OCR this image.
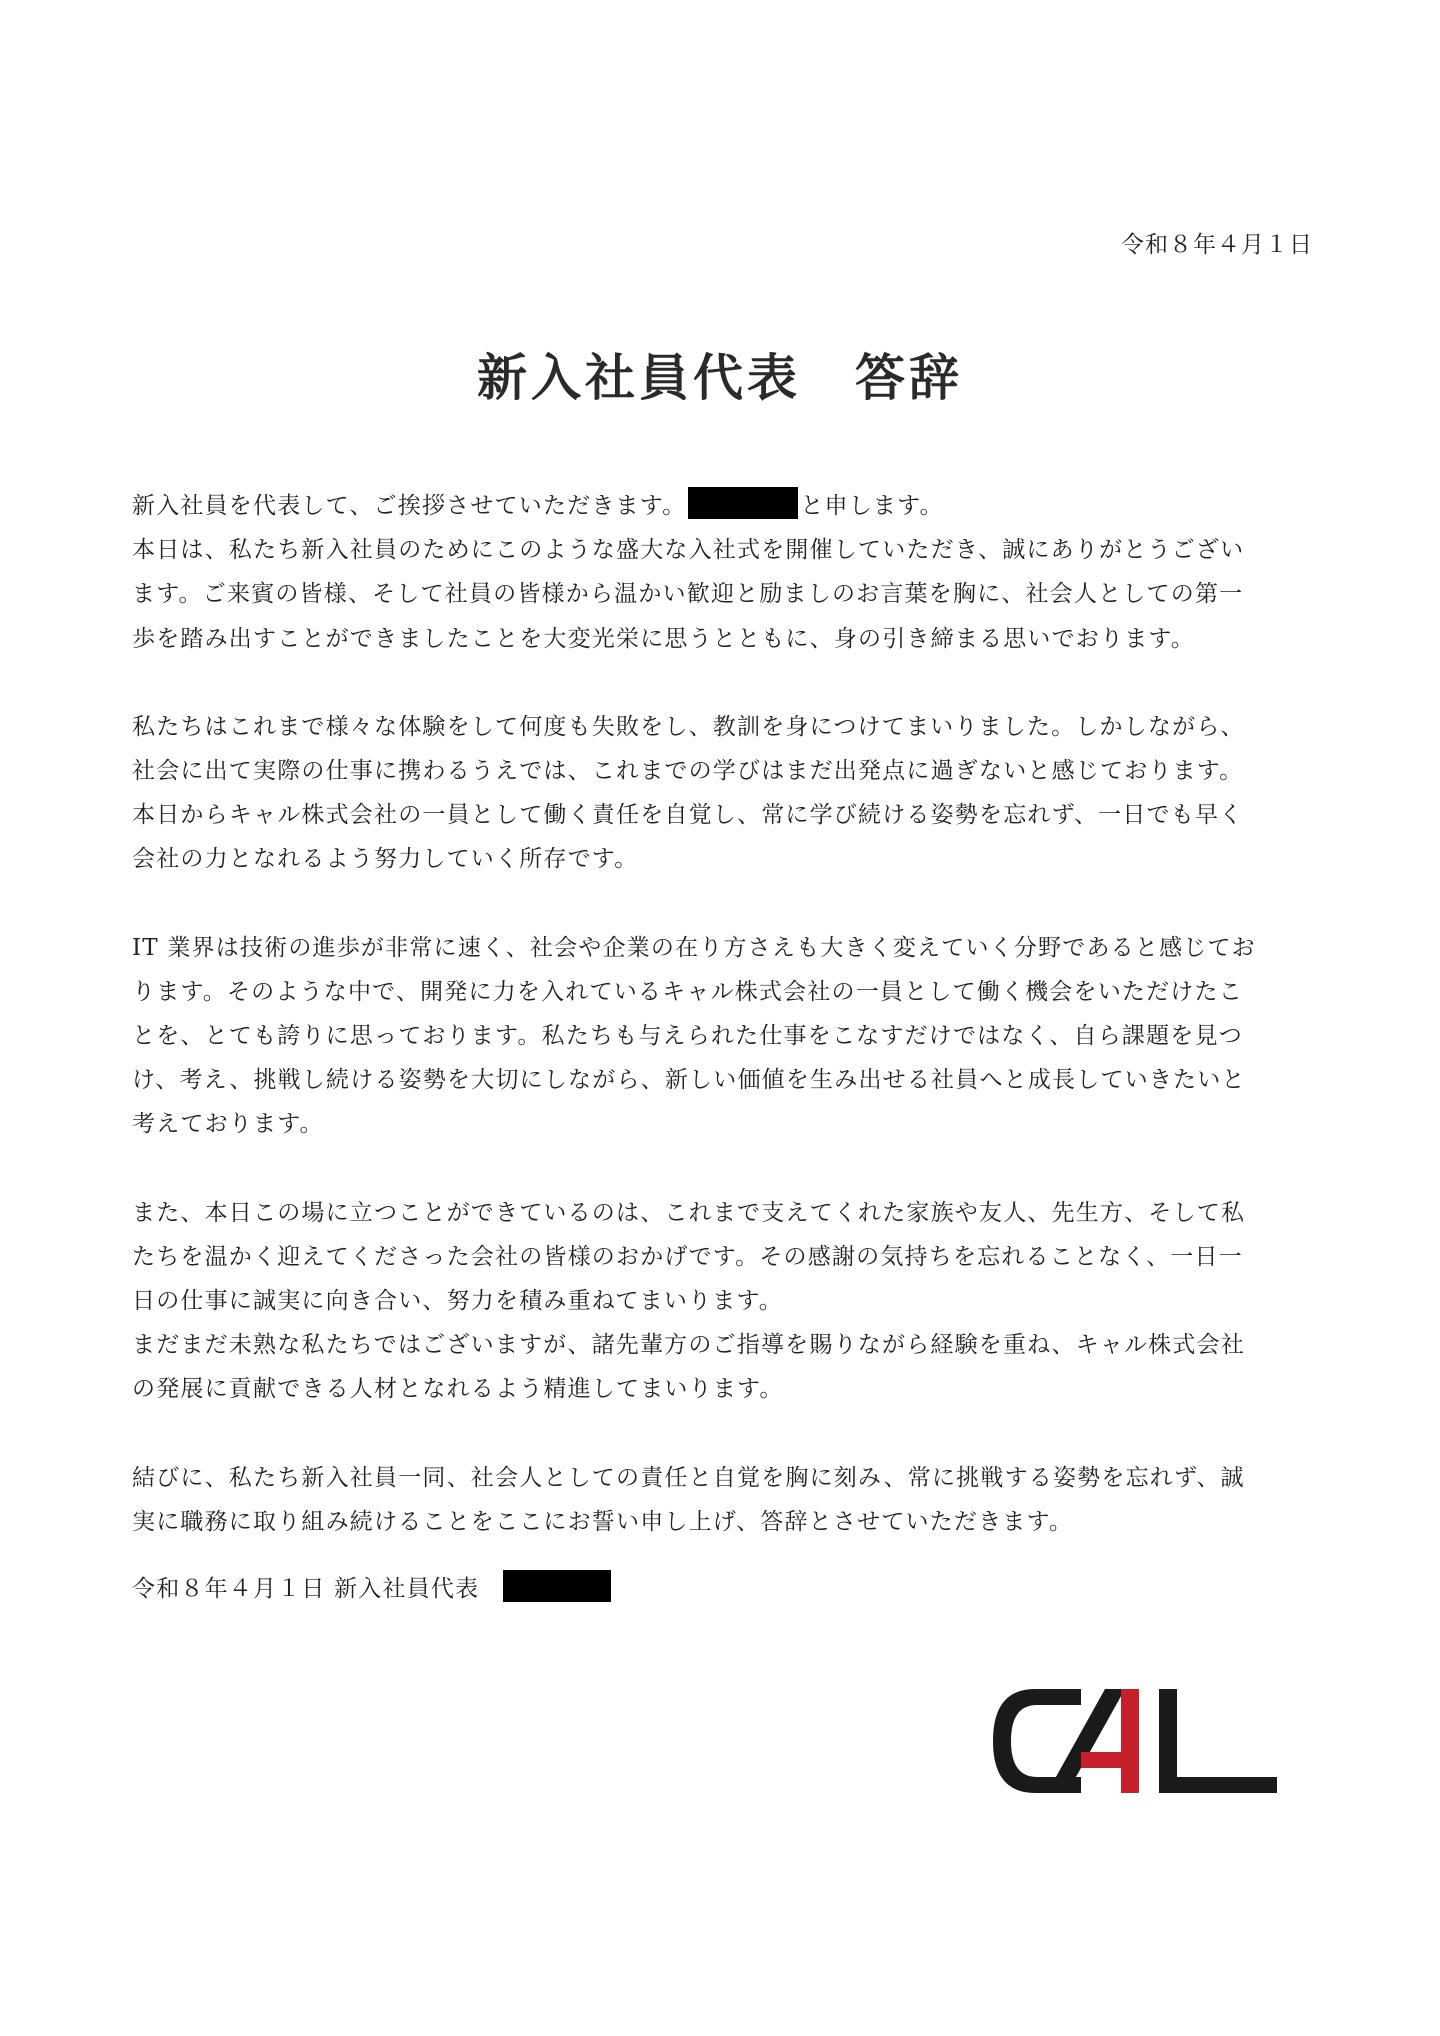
令和８年４月１日
新入社員代表　答辞
新入社員を代表して、ご挨拶させていただきます。	と申します。
本日は、私たち新入社員のためにこのような盛大な入社式を開催していただき、誠にありがとうござい
ます。ご来賓の皆様、そして社員の皆様から温かい歓迎と励ましのお言葉を胸に、社会人としての第一
歩を踏み出すことができましたことを大変光栄に思うとともに、身の引き締まる思いでおります。
私たちはこれまで様々な体験をして何度も失敗をし、教訓を身につけてまいりました。しかしながら、
社会に出て実際の仕事に携わるうえでは、これまでの学びはまだ出発点に過ぎないと感じております。
本日からキャル株式会社の一員として働く責任を自覚し、常に学び続ける姿勢を忘れず、一日でも早く
会社の力となれるよう努力していく所存です。
IT 業界は技術の進歩が非常に速く、社会や企業の在り方さえも大きく変えていく分野であると感じてお
ります。そのような中で、開発に力を入れているキャル株式会社の一員として働く機会をいただけたこ
とを、とても誇りに思っております。私たちも与えられた仕事をこなすだけではなく、自ら課題を見つ
け、考え、挑戦し続ける姿勢を大切にしながら、新しい価値を生み出せる社員へと成長していきたいと
考えております。
また、本日この場に立つことができているのは、これまで支えてくれた家族や友人、先生方、そして私
たちを温かく迎えてくださった会社の皆様のおかげです。その感謝の気持ちを忘れることなく、一日一
日の仕事に誠実に向き合い、努力を積み重ねてまいります。
まだまだ未熟な私たちではございますが、諸先輩方のご指導を賜りながら経験を重ね、キャル株式会社
の発展に貢献できる人材となれるよう精進してまいります。
結びに、私たち新入社員一同、社会人としての責任と自覚を胸に刻み、常に挑戦する姿勢を忘れず、誠
実に職務に取り組み続けることをここにお誓い申し上げ、答辞とさせていただきます。
令和８年４月１日 新入社員代表
